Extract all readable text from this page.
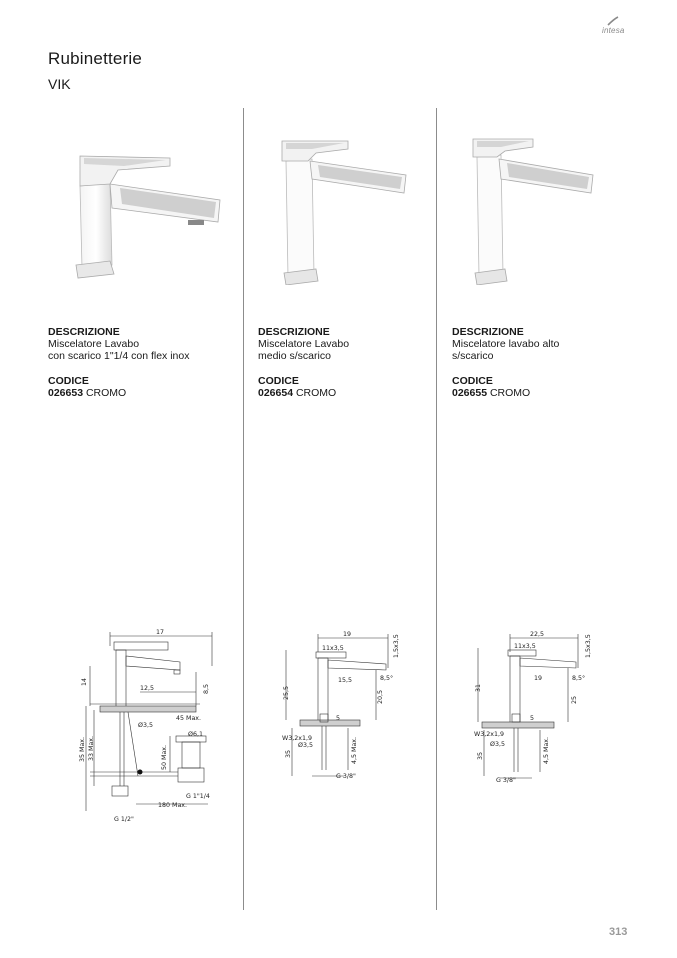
intesa
Rubinetterie
VIK
DESCRIZIONE
Miscelatore Lavabo
con scarico 1"1/4 con flex inox
CODICE
026653 CROMO
DESCRIZIONE
Miscelatore Lavabo
medio s/scarico
CODICE
026654 CROMO
DESCRIZIONE
Miscelatore lavabo alto
s/scarico
CODICE
026655 CROMO
17
14
12,5	8,5
45 Max.
Ø3,5
35 Max. 33 Max.
Ø6,1
50 Max.
G 1"1/4
180 Max.
G 1/2"
19
11x3,5	1,5x3,5
15,5	8,5°
25,5	20,5
5
W3,2x1,9
Ø3,5
35	4,5 Max.
G 3/8"
22,5
11x3,5	1,5x3,5
19	8,5°
31
25
5
W3,2x1,9
Ø3,5
35	4,5 Max.
G 3/8"
313
